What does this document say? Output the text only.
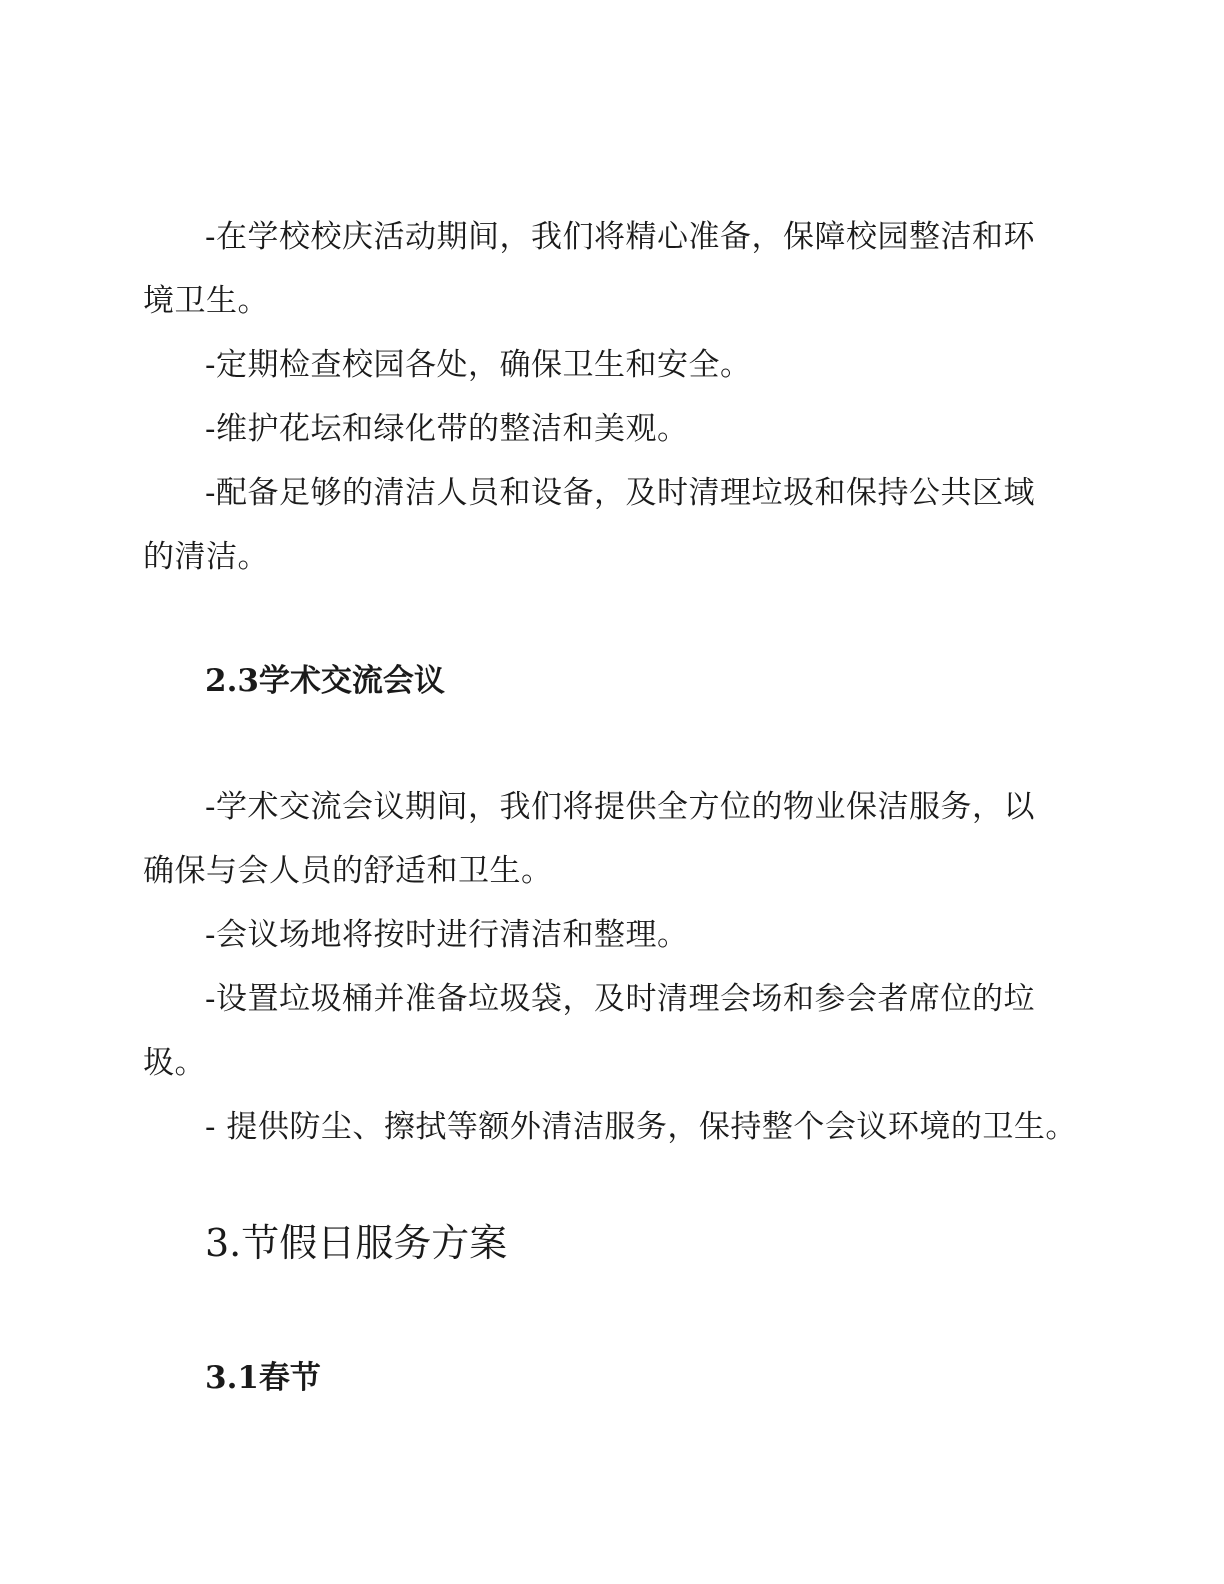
-在学校校庆活动期间，我们将精心准备，保障校园整洁和环境卫生。

-定期检查校园各处，确保卫生和安全。

-维护花坛和绿化带的整洁和美观。

-配备足够的清洁人员和设备，及时清理垃圾和保持公共区域的清洁。

2.3学术交流会议

-学术交流会议期间，我们将提供全方位的物业保洁服务，以确保与会人员的舒适和卫生。

-会议场地将按时进行清洁和整理。

-设置垃圾桶并准备垃圾袋，及时清理会场和参会者席位的垃圾。

- 提供防尘、擦拭等额外清洁服务，保持整个会议环境的卫生。

3.节假日服务方案
3.1春节
